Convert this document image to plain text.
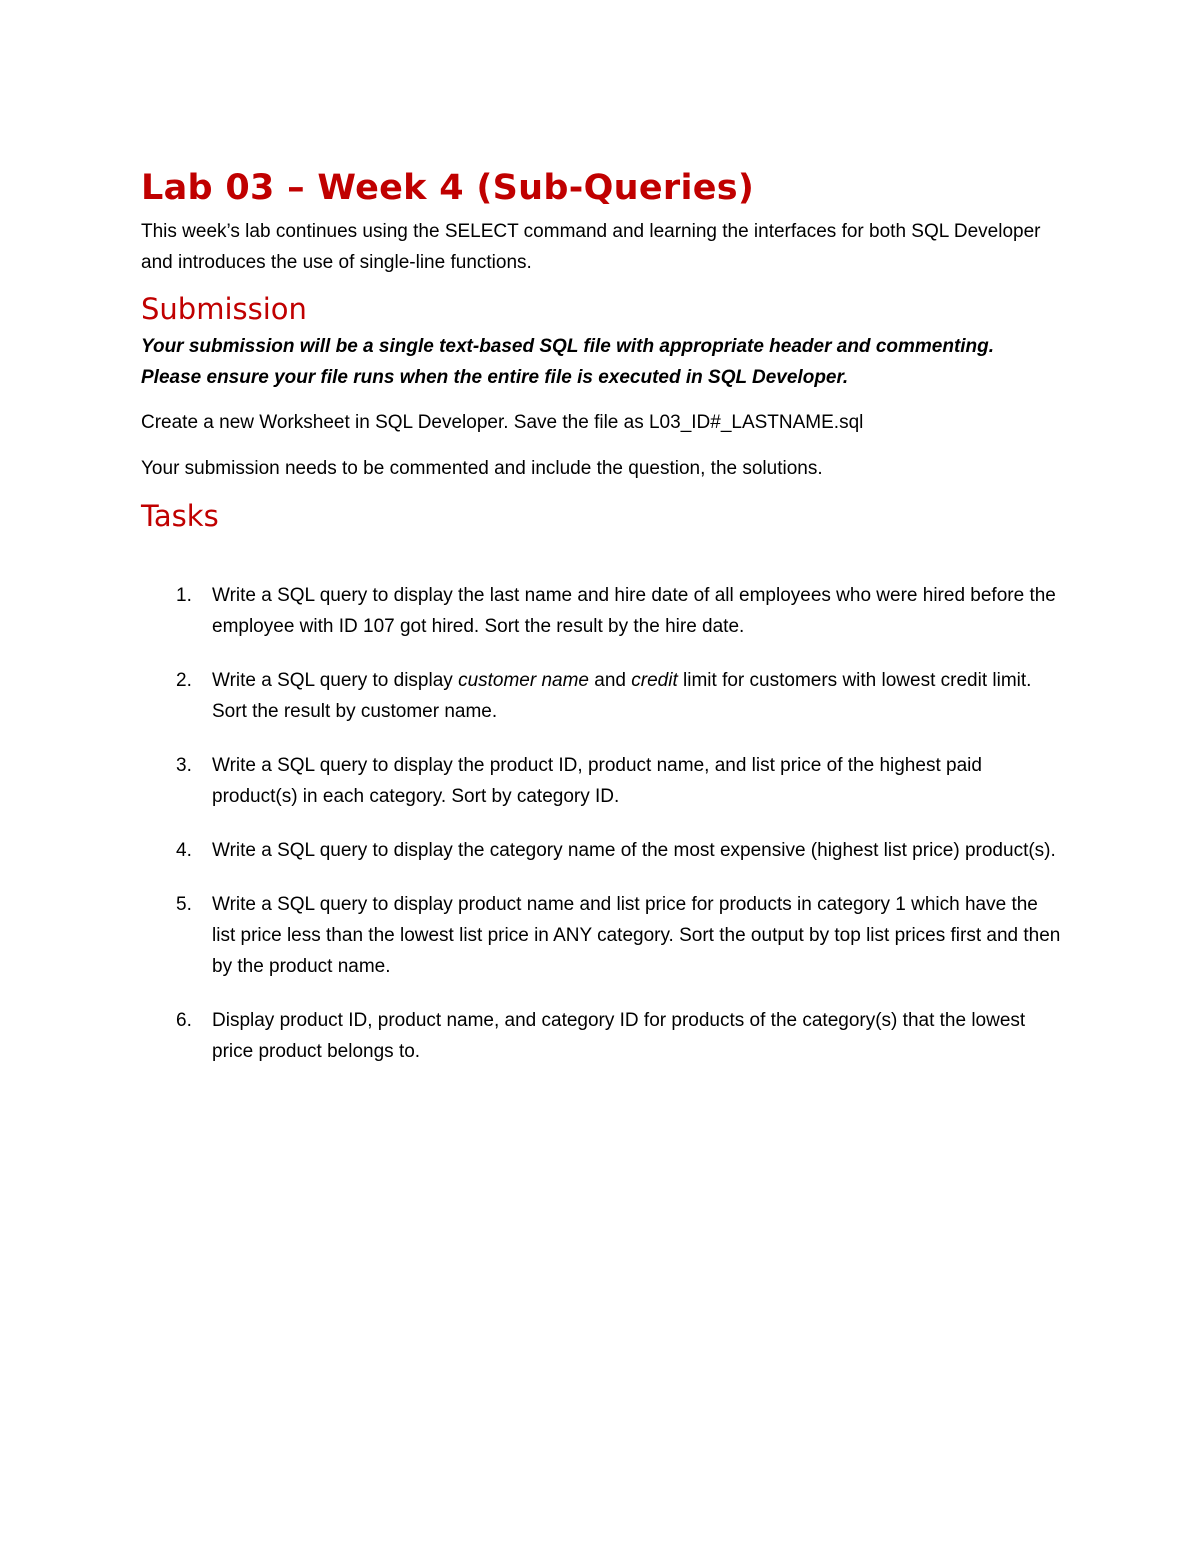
Lab 03 – Week 4 (Sub-Queries)

This week’s lab continues using the SELECT command and learning the interfaces for both SQL Developer and introduces the use of single-line functions.

Submission

Your submission will be a single text-based SQL file with appropriate header and commenting.
Please ensure your file runs when the entire file is executed in SQL Developer.

Create a new Worksheet in SQL Developer. Save the file as L03_ID#_LASTNAME.sql

Your submission needs to be commented and include the question, the solutions.

Tasks
1. Write a SQL query to display the last name and hire date of all employees who were hired before the employee with ID 107 got hired. Sort the result by the hire date.
2. Write a SQL query to display customer name and credit limit for customers with lowest credit limit. Sort the result by customer name.
3. Write a SQL query to display the product ID, product name, and list price of the highest paid product(s) in each category. Sort by category ID.
4. Write a SQL query to display the category name of the most expensive (highest list price) product(s).
5. Write a SQL query to display product name and list price for products in category 1 which have the list price less than the lowest list price in ANY category. Sort the output by top list prices first and then by the product name.
6. Display product ID, product name, and category ID for products of the category(s) that the lowest price product belongs to.
